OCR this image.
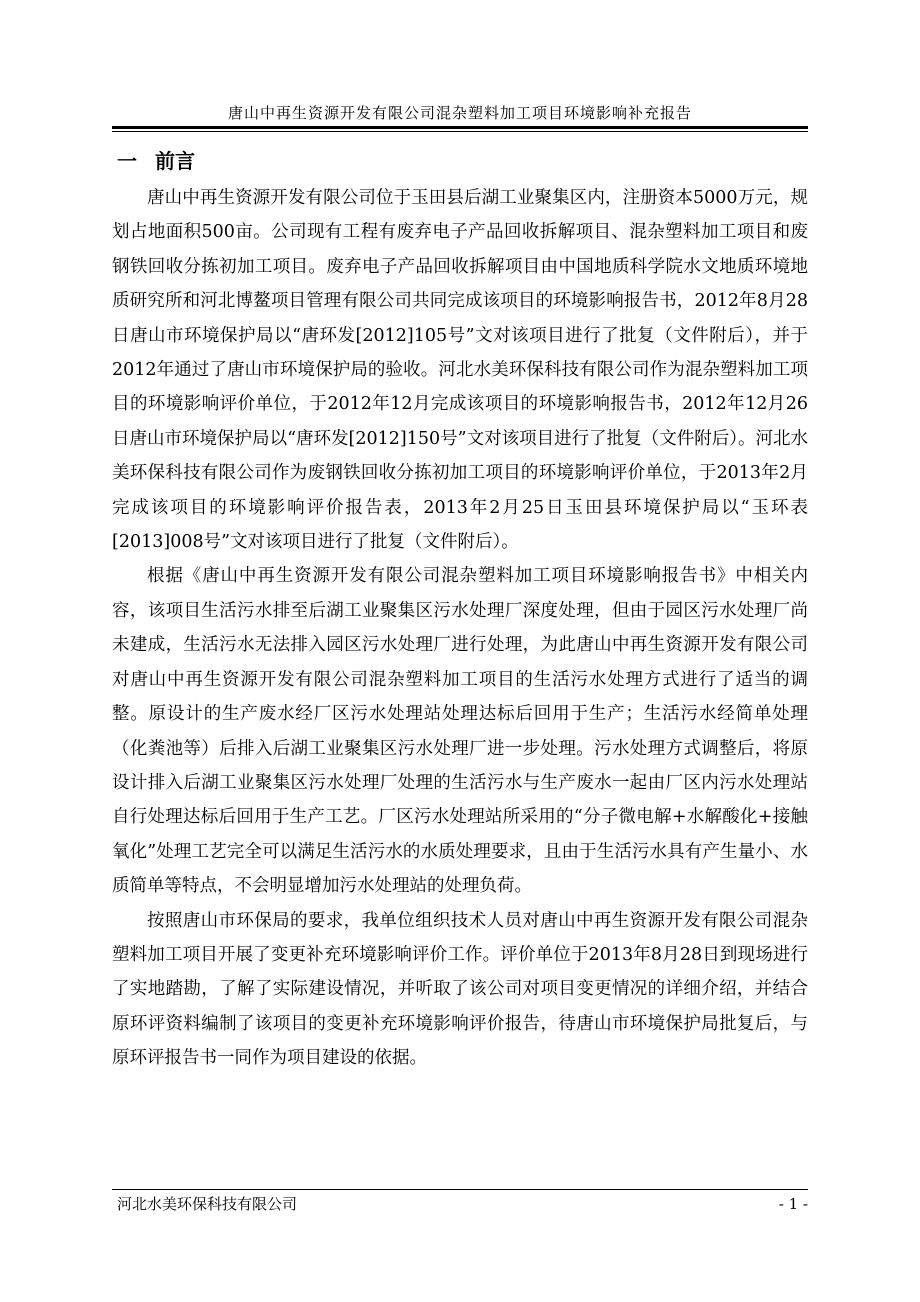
唐山中再生资源开发有限公司混杂塑料加工项目环境影响补充报告
一 前言

唐山中再生资源开发有限公司位于玉田县后湖工业聚集区内，注册资本5000万元，规划占地面积500亩。公司现有工程有废弃电子产品回收拆解项目、混杂塑料加工项目和废钢铁回收分拣初加工项目。废弃电子产品回收拆解项目由中国地质科学院水文地质环境地质研究所和河北博鳌项目管理有限公司共同完成该项目的环境影响报告书，2012年8月28日唐山市环境保护局以“唐环发[2012]105号”文对该项目进行了批复（文件附后），并于2012年通过了唐山市环境保护局的验收。河北水美环保科技有限公司作为混杂塑料加工项目的环境影响评价单位，于2012年12月完成该项目的环境影响报告书，2012年12月26日唐山市环境保护局以“唐环发[2012]150号”文对该项目进行了批复（文件附后）。河北水美环保科技有限公司作为废钢铁回收分拣初加工项目的环境影响评价单位，于2013年2月完成该项目的环境影响评价报告表，2013年2月25日玉田县环境保护局以“玉环表[2013]008号”文对该项目进行了批复（文件附后）。

根据《唐山中再生资源开发有限公司混杂塑料加工项目环境影响报告书》中相关内容，该项目生活污水排至后湖工业聚集区污水处理厂深度处理，但由于园区污水处理厂尚未建成，生活污水无法排入园区污水处理厂进行处理，为此唐山中再生资源开发有限公司对唐山中再生资源开发有限公司混杂塑料加工项目的生活污水处理方式进行了适当的调整。原设计的生产废水经厂区污水处理站处理达标后回用于生产；生活污水经简单处理（化粪池等）后排入后湖工业聚集区污水处理厂进一步处理。污水处理方式调整后，将原设计排入后湖工业聚集区污水处理厂处理的生活污水与生产废水一起由厂区内污水处理站自行处理达标后回用于生产工艺。厂区污水处理站所采用的“分子微电解+水解酸化+接触氧化”处理工艺完全可以满足生活污水的水质处理要求，且由于生活污水具有产生量小、水质简单等特点，不会明显增加污水处理站的处理负荷。

按照唐山市环保局的要求，我单位组织技术人员对唐山中再生资源开发有限公司混杂塑料加工项目开展了变更补充环境影响评价工作。评价单位于2013年8月28日到现场进行了实地踏勘，了解了实际建设情况，并听取了该公司对项目变更情况的详细介绍，并结合原环评资料编制了该项目的变更补充环境影响评价报告，待唐山市环境保护局批复后，与原环评报告书一同作为项目建设的依据。

河北水美环保科技有限公司	- 1 -
